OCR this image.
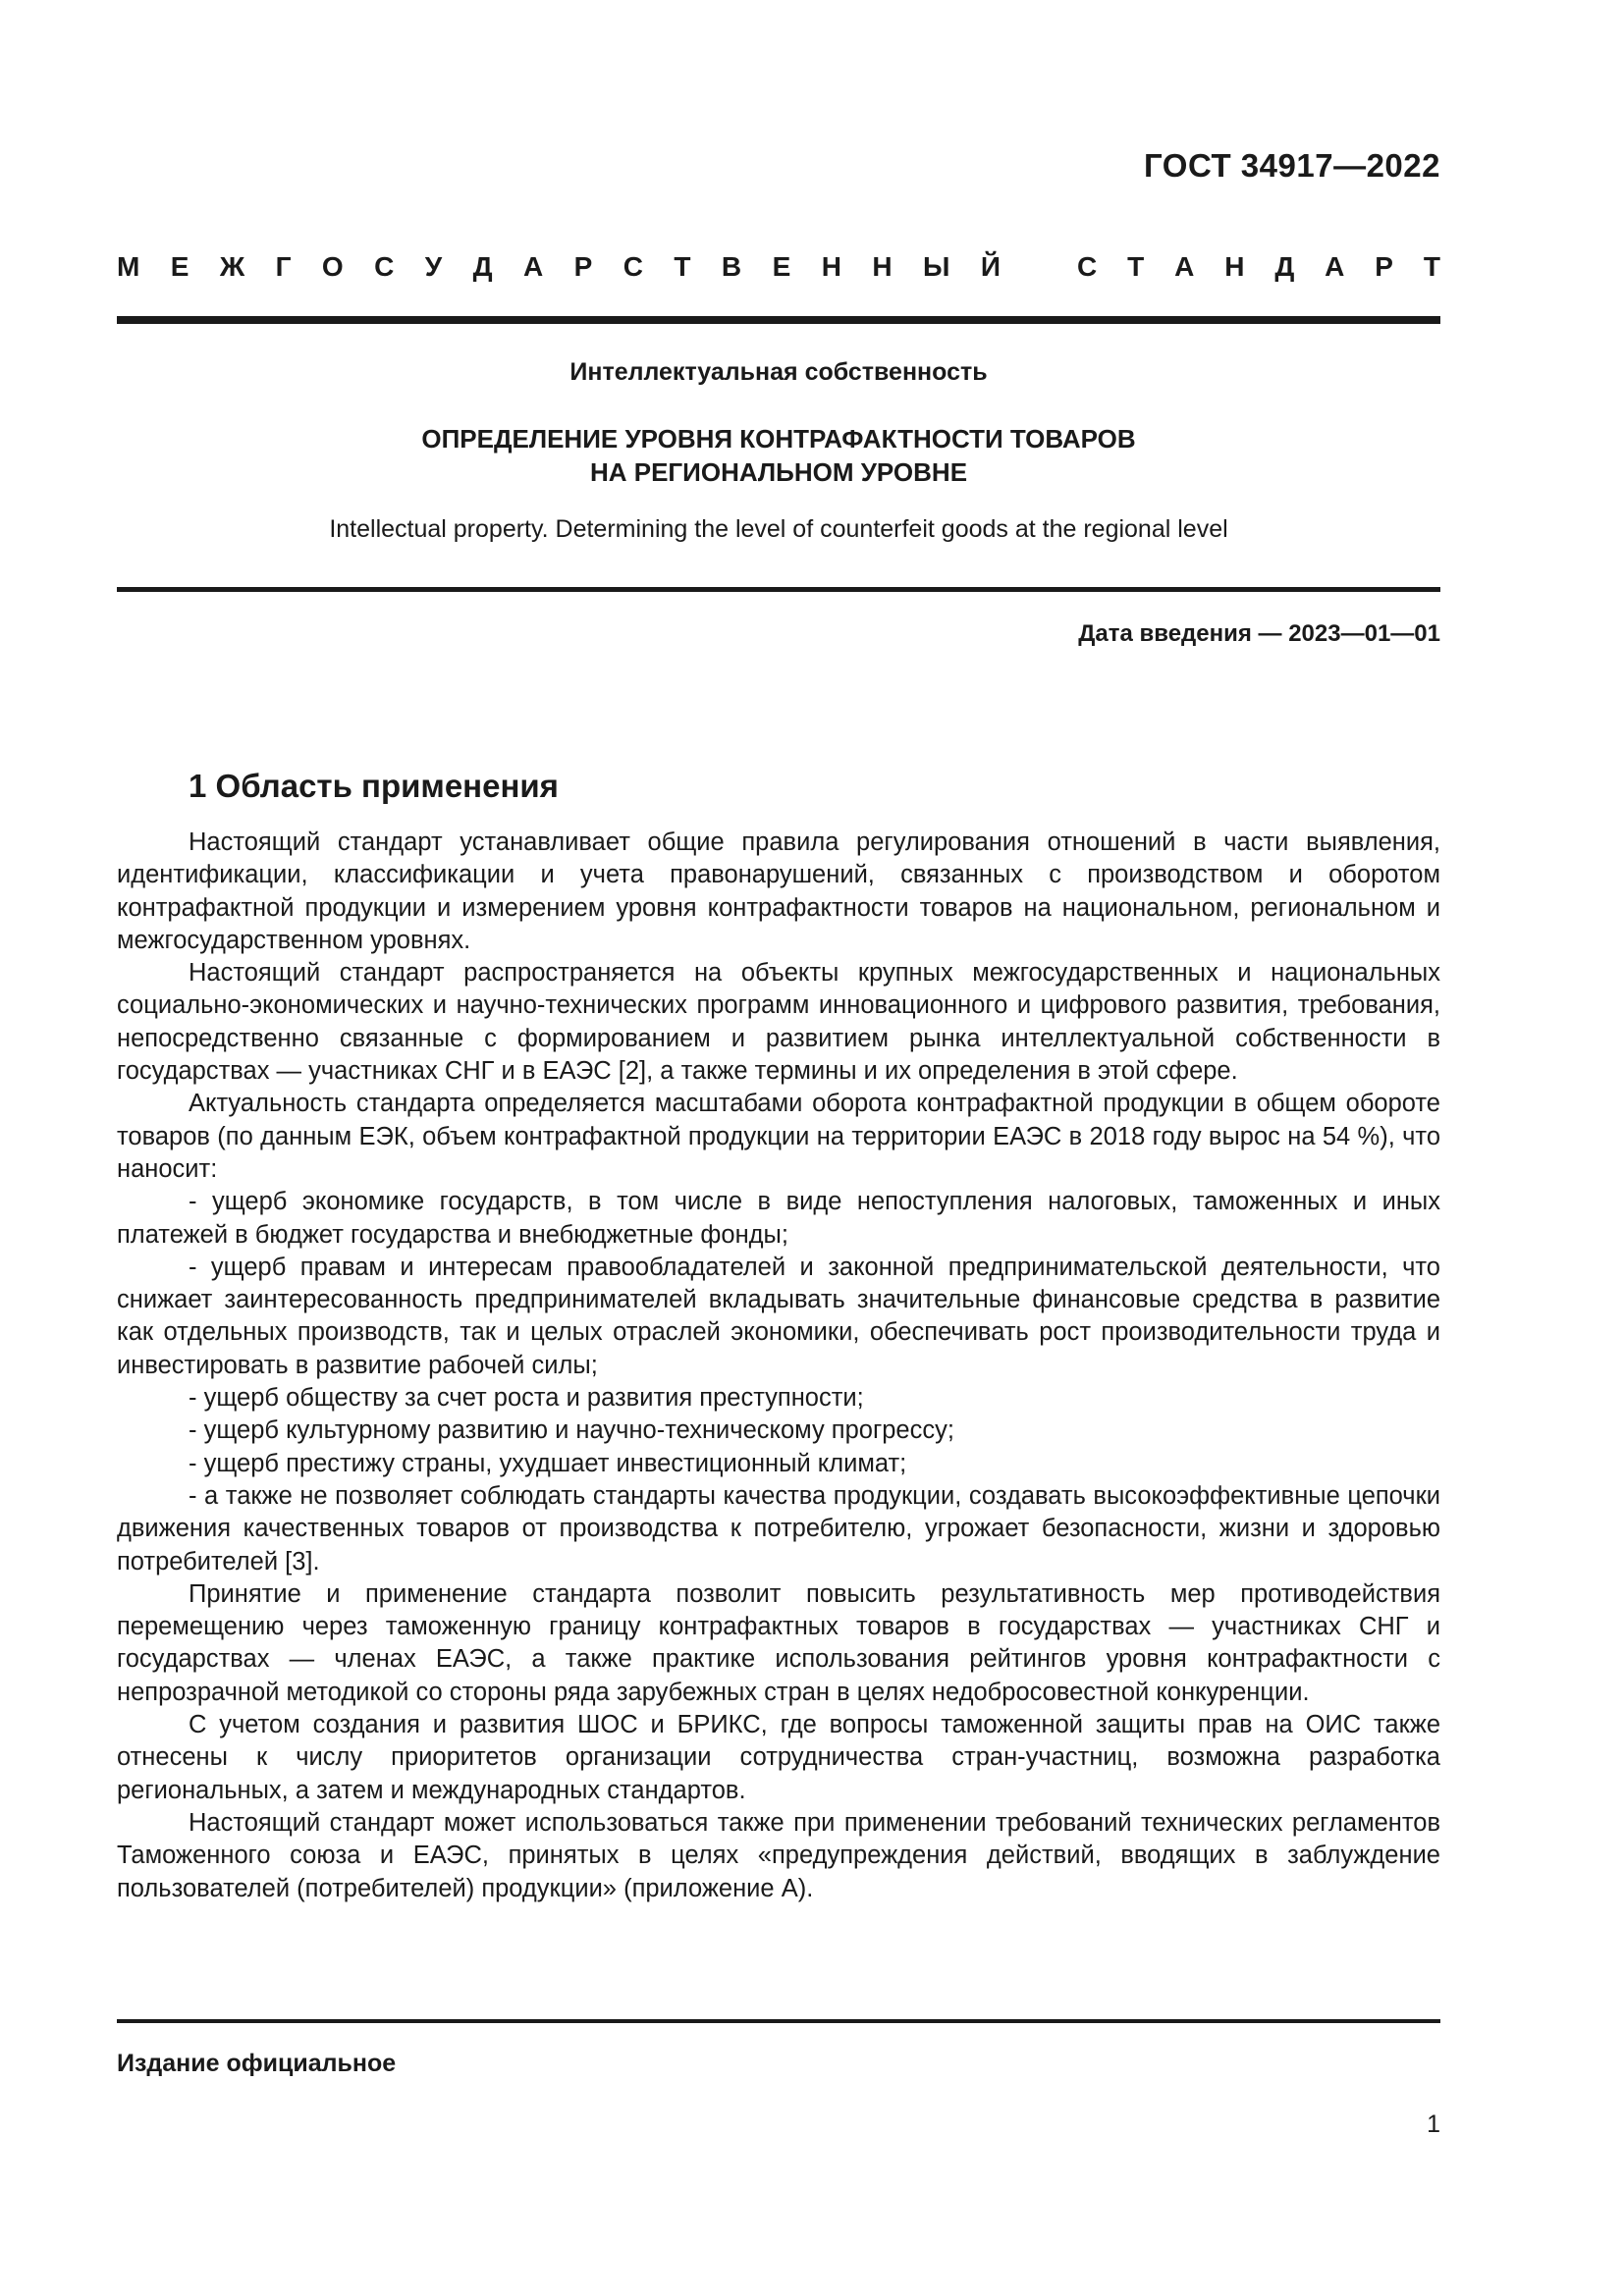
ГОСТ 34917—2022
М Е Ж Г О С У Д А Р С Т В Е Н Н Ы Й	С Т А Н Д А Р Т
Интеллектуальная собственность
ОПРЕДЕЛЕНИЕ УРОВНЯ КОНТРАФАКТНОСТИ ТОВАРОВ
НА РЕГИОНАЛЬНОМ УРОВНЕ
Intellectual property. Determining the level of counterfeit goods at the regional level
Дата введения — 2023—01—01
1 Область применения

Настоящий стандарт устанавливает общие правила регулирования отношений в части выявления, идентификации, классификации и учета правонарушений, связанных с производством и оборотом контрафактной продукции и измерением уровня контрафактности товаров на национальном, региональном и межгосударственном уровнях.

Настоящий стандарт распространяется на объекты крупных межгосударственных и национальных социально-экономических и научно-технических программ инновационного и цифрового развития, требования, непосредственно связанные с формированием и развитием рынка интеллектуальной собственности в государствах — участниках СНГ и в ЕАЭС [2], а также термины и их определения в этой сфере.

Актуальность стандарта определяется масштабами оборота контрафактной продукции в общем обороте товаров (по данным ЕЭК, объем контрафактной продукции на территории ЕАЭС в 2018 году вырос на 54 %), что наносит:

- ущерб экономике государств, в том числе в виде непоступления налоговых, таможенных и иных платежей в бюджет государства и внебюджетные фонды;

- ущерб правам и интересам правообладателей и законной предпринимательской деятельности, что снижает заинтересованность предпринимателей вкладывать значительные финансовые средства в развитие как отдельных производств, так и целых отраслей экономики, обеспечивать рост производительности труда и инвестировать в развитие рабочей силы;

- ущерб обществу за счет роста и развития преступности;

- ущерб культурному развитию и научно-техническому прогрессу;

- ущерб престижу страны, ухудшает инвестиционный климат;

- а также не позволяет соблюдать стандарты качества продукции, создавать высокоэффективные цепочки движения качественных товаров от производства к потребителю, угрожает безопасности, жизни и здоровью потребителей [3].

Принятие и применение стандарта позволит повысить результативность мер противодействия перемещению через таможенную границу контрафактных товаров в государствах — участниках СНГ и государствах — членах ЕАЭС, а также практике использования рейтингов уровня контрафактности с непрозрачной методикой со стороны ряда зарубежных стран в целях недобросовестной конкуренции.

С учетом создания и развития ШОС и БРИКС, где вопросы таможенной защиты прав на ОИС также отнесены к числу приоритетов организации сотрудничества стран-участниц, возможна разработка региональных, а затем и международных стандартов.

Настоящий стандарт может использоваться также при применении требований технических регламентов Таможенного союза и ЕАЭС, принятых в целях «предупреждения действий, вводящих в заблуждение пользователей (потребителей) продукции» (приложение А).

Издание официальное
1
